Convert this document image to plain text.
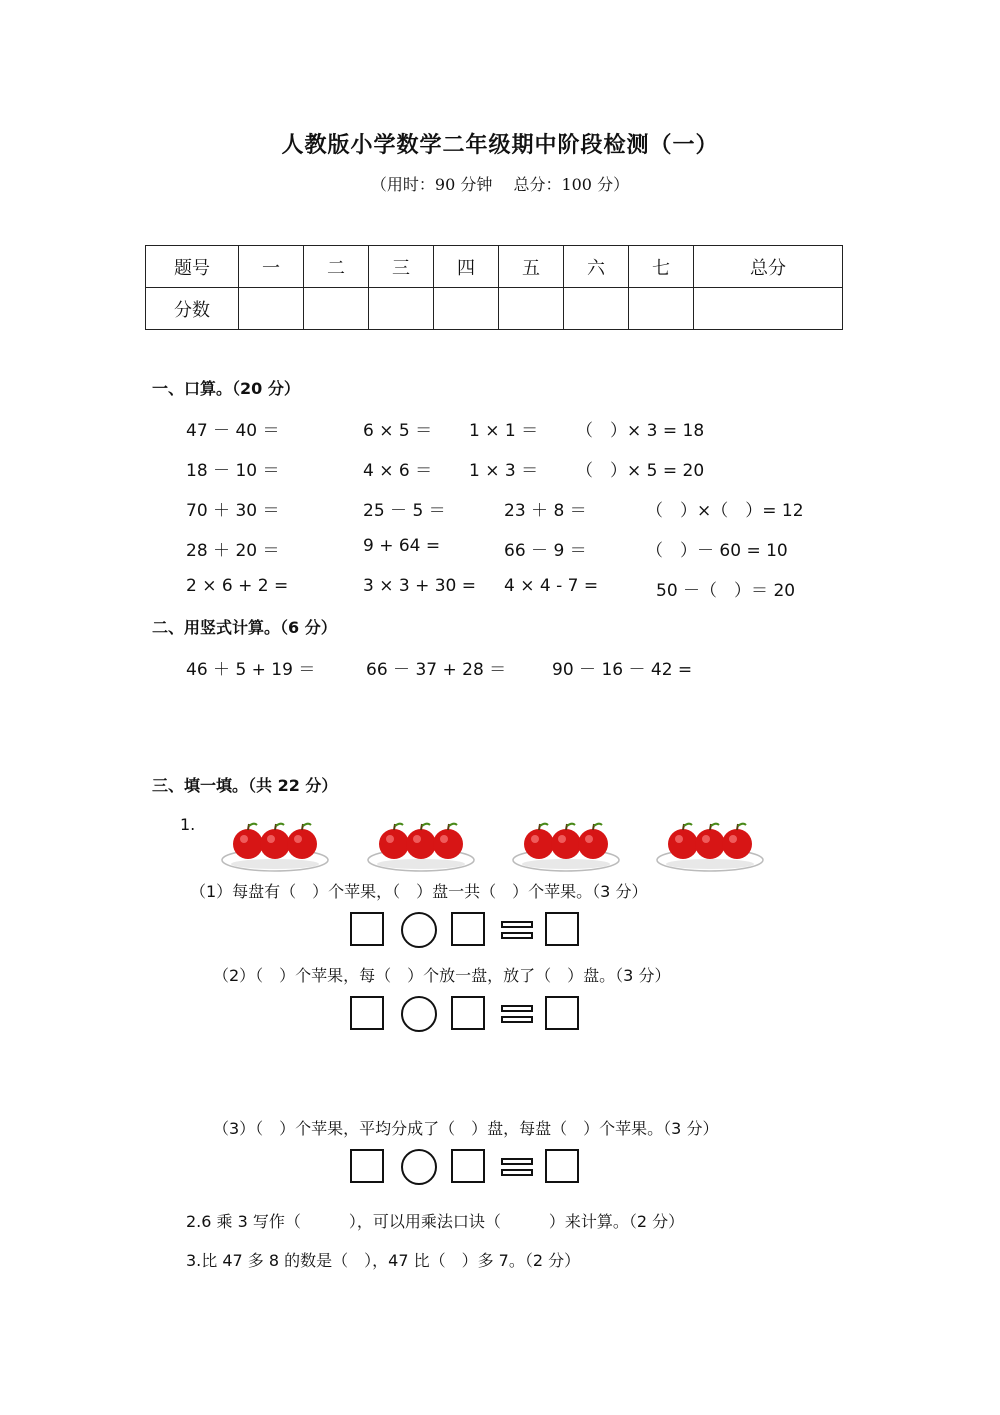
人教版小学数学二年级期中阶段检测（一）
（用时：90 分钟　 总分：100 分）
题号	一	二	三	四	五	六	七	总分
分数								
一、口算。（20 分）
47 － 40 ＝	6 × 5 ＝ 1 × 1 ＝ （　）× 3 = 18
18 － 10 ＝	4 × 6 ＝ 1 × 3 ＝ （　）× 5 = 20
70 ＋ 30 ＝	25 － 5 ＝	23 ＋ 8 ＝	（　）×（　）= 12
28 ＋ 20 ＝	9 + 64 =	66 － 9 ＝	（　）－ 60 = 10
2 × 6 + 2 =	3 × 3 + 30 = 4 × 4 - 7 =	50 －（　）＝ 20
二、用竖式计算。（6 分）
46 ＋ 5 + 19 ＝	66 － 37 + 28 ＝	90 － 16 － 42 =
三、填一填。（共 22 分）
1.
（1）每盘有（　）个苹果，（　）盘一共（　）个苹果。（3 分）
（2）（　）个苹果，每（　）个放一盘，放了（　）盘。（3 分）
（3）（　）个苹果，平均分成了（　）盘，每盘（　）个苹果。（3 分）
2.6 乘 3 写作（　　　），可以用乘法口诀（　　　）来计算。（2 分）
3.比 47 多 8 的数是（　），47 比（　）多 7。（2 分）
